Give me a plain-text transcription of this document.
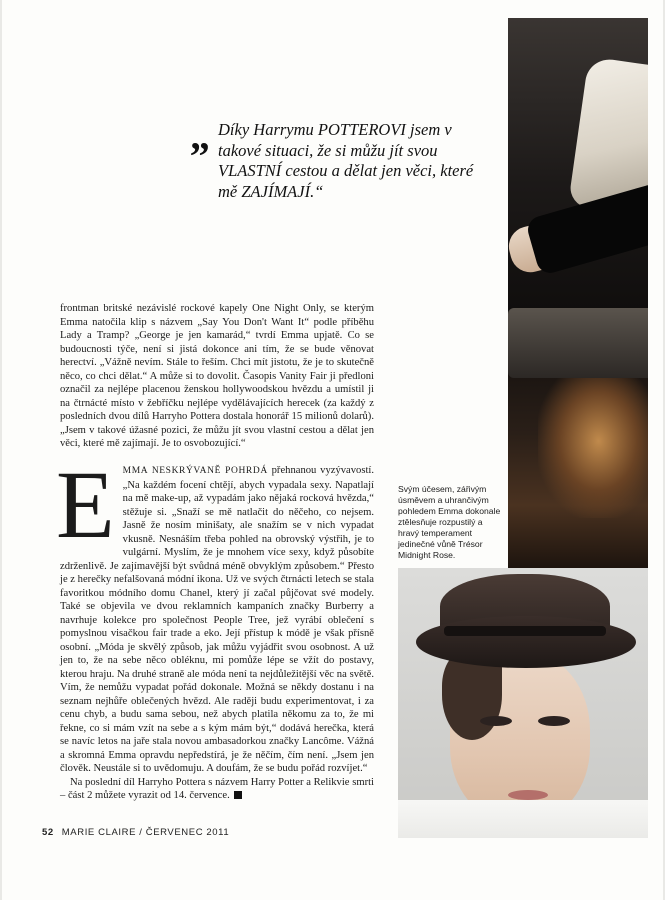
„ Díky Harrymu POTTEROVI jsem v takové situaci, že si můžu jít svou VLASTNÍ cestou a dělat jen věci, které mě ZAJÍMAJÍ.“

frontman britské nezávislé rockové kapely One Night Only, se kterým Emma natočila klip s názvem „Say You Don't Want It“ podle příběhu Lady a Tramp? „George je jen kamarád,“ tvrdí Emma upjatě. Co se budoucnosti týče, není si jistá dokonce ani tím, že se bude věnovat herectví. „Vážně nevím. Stále to řeším. Chci mít jistotu, že je to skutečně něco, co chci dělat.“ A může si to dovolit. Časopis Vanity Fair ji předloni označil za nejlépe placenou ženskou hollywoodskou hvězdu a umístil ji na čtrnácté místo v žebříčku nejlépe vydělávajících herecek (za každý z posledních dvou dílů Harryho Pottera dostala honorář 15 milionů dolarů). „Jsem v takové úžasné pozici, že můžu jít svou vlastní cestou a dělat jen věci, které mě zajímají. Je to osvobozující.“

EMMA NESKRÝVANĚ POHRDÁ přehnanou vyzývavostí. „Na každém focení chtějí, abych vypadala sexy. Napatlají na mě make-up, až vypadám jako nějaká rocková hvězda,“ stěžuje si. „Snaží se mě natlačit do něčeho, co nejsem. Jasně že nosím minišaty, ale snažím se v nich vypadat vkusně. Nesnáším třeba pohled na obrovský výstřih, je to vulgární. Myslím, že je mnohem více sexy, když působíte zdrženlivě. Je zajímavější být svůdná méně obvyklým způsobem.“ Přesto je z herečky nefalšovaná módní ikona. Už ve svých čtrnácti letech se stala favoritkou módního domu Chanel, který jí začal půjčovat své modely. Také se objevila ve dvou reklamních kampaních značky Burberry a navrhuje kolekce pro společnost People Tree, jež vyrábí oblečení s pomyslnou visačkou fair trade a eko. Její přístup k módě je však přísně osobní. „Móda je skvělý způsob, jak můžu vyjádřit svou osobnost. A už jen to, že na sebe něco obléknu, mi pomůže lépe se vžít do postavy, kterou hraju. Na druhé straně ale móda není ta nejdůležitější věc na světě. Vím, že nemůžu vypadat pořád dokonale. Možná se někdy dostanu i na seznam nejhůře oblečených hvězd. Ale raději budu experimentovat, i za cenu chyb, a budu sama sebou, než abych platila někomu za to, že mi řekne, co si mám vzít na sebe a s kým mám být,“ dodává herečka, která se navíc letos na jaře stala novou ambasadorkou značky Lancôme. Vážná a skromná Emma opravdu nepředstírá, je že něčím, čím není. „Jsem jen člověk. Neustále si to uvědomuju. A doufám, že se budu pořád rozvíjet.“

Na poslední díl Harryho Pottera s názvem Harry Potter a Relikvie smrti – část 2 můžete vyrazit od 14. července.

Svým účesem, zářivým úsměvem a uhrančivým pohledem Emma dokonale ztělesňuje rozpustilý a hravý temperament jedinečné vůně Trésor Midnight Rose.
52 MARIE CLAIRE / ČERVENEC 2011
